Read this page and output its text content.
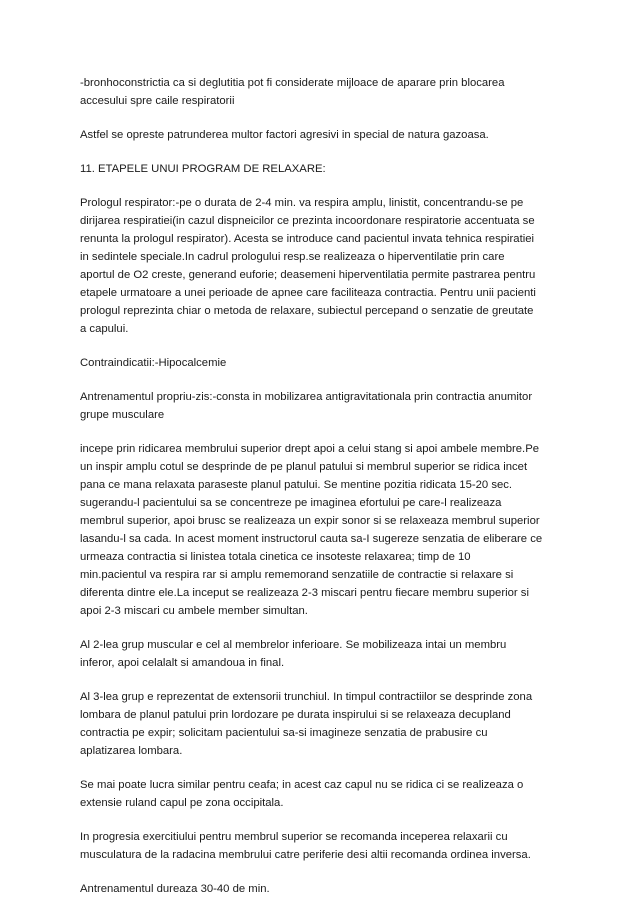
-bronhoconstrictia ca si deglutitia pot fi considerate mijloace de aparare prin blocarea
accesului spre caile respiratorii

Astfel se opreste patrunderea multor factori agresivi in special de natura gazoasa.

11. ETAPELE UNUI PROGRAM DE RELAXARE:

Prologul respirator:-pe o durata de 2-4 min. va respira amplu, linistit, concentrandu-se pe
dirijarea respiratiei(in cazul dispneicilor ce prezinta incoordonare respiratorie accentuata se
renunta la prologul respirator). Acesta se introduce cand pacientul invata tehnica respiratiei
in sedintele speciale.In cadrul prologului resp.se realizeaza o hiperventilatie prin care
aportul de O2 creste, generand euforie; deasemeni hiperventilatia permite pastrarea pentru
etapele urmatoare a unei perioade de apnee care faciliteaza contractia. Pentru unii pacienti
prologul reprezinta chiar o metoda de relaxare, subiectul percepand o senzatie de greutate
a capului.

Contraindicatii:-Hipocalcemie

Antrenamentul propriu-zis:-consta in mobilizarea antigravitationala prin contractia anumitor
grupe musculare

incepe prin ridicarea membrului superior drept apoi a celui stang si apoi ambele membre.Pe
un inspir amplu cotul se desprinde de pe planul patului si membrul superior se ridica incet
pana ce mana relaxata paraseste planul patului. Se mentine pozitia ridicata 15-20 sec.
sugerandu-l pacientului sa se concentreze pe imaginea efortului pe care-l realizeaza
membrul superior, apoi brusc se realizeaza un expir sonor si se relaxeaza membrul superior
lasandu-l sa cada. In acest moment instructorul cauta sa-I sugereze senzatia de eliberare ce
urmeaza contractia si linistea totala cinetica ce insoteste relaxarea; timp de 10
min.pacientul va respira rar si amplu rememorand senzatiile de contractie si relaxare si
diferenta dintre ele.La inceput se realizeaza 2-3 miscari pentru fiecare membru superior si
apoi 2-3 miscari cu ambele member simultan.

Al 2-lea grup muscular e cel al membrelor inferioare. Se mobilizeaza intai un membru
inferor, apoi celalalt si amandoua in final.

Al 3-lea grup e reprezentat de extensorii trunchiul. In timpul contractiilor se desprinde zona
lombara de planul patului prin lordozare pe durata inspirului si se relaxeaza decupland
contractia pe expir; solicitam pacientului sa-si imagineze senzatia de prabusire cu
aplatizarea lombara.

Se mai poate lucra similar pentru ceafa; in acest caz capul nu se ridica ci se realizeaza o
extensie ruland capul pe zona occipitala.

In progresia exercitiului pentru membrul superior se recomanda inceperea relaxarii cu
musculatura de la radacina membrului catre periferie desi altii recomanda ordinea inversa.

Antrenamentul dureaza 30-40 de min.
